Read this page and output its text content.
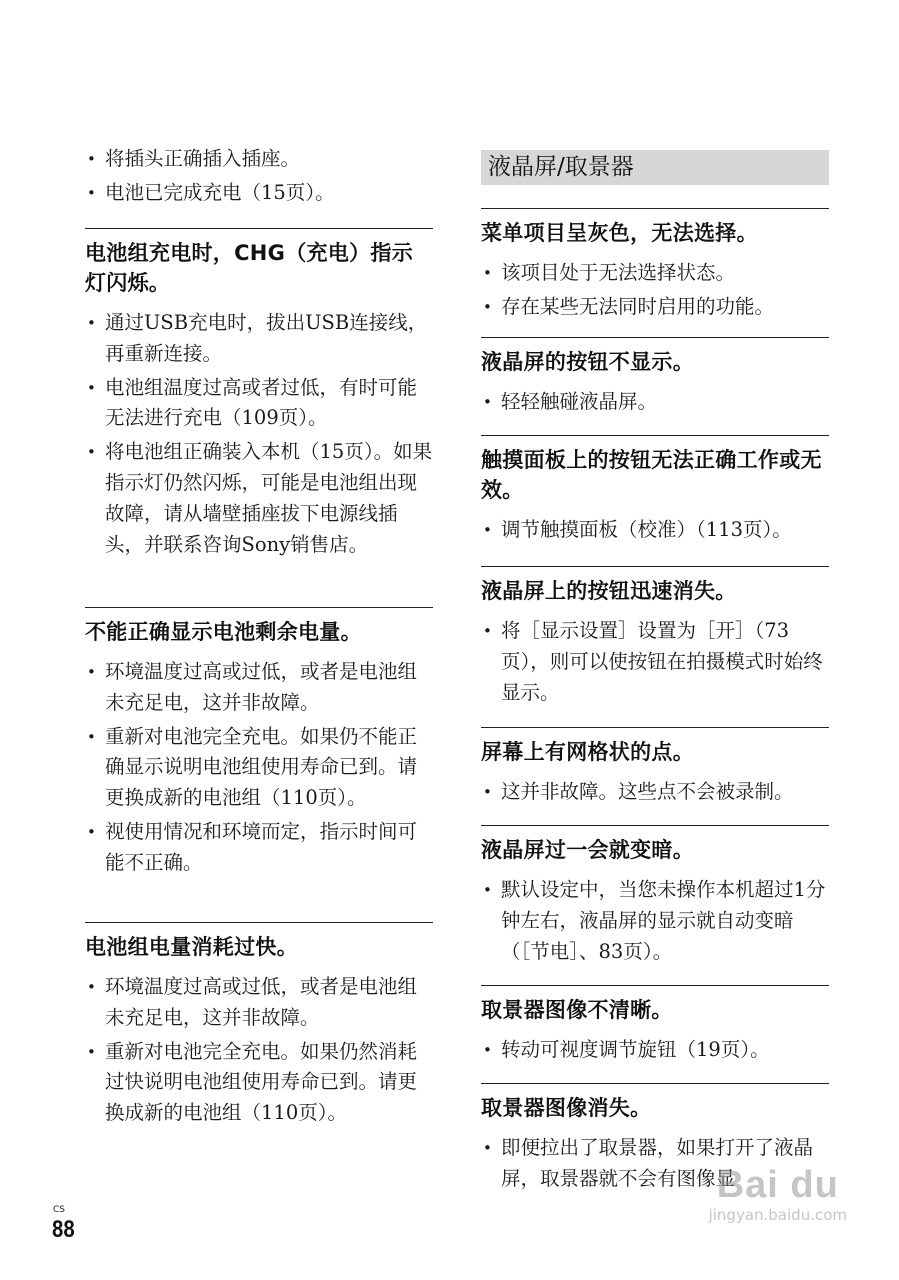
• 将插头正确插入插座。
• 电池已完成充电（15页）。
电池组充电时，CHG（充电）指示灯闪烁。
• 通过USB充电时，拔出USB连接线，再重新连接。
• 电池组温度过高或者过低，有时可能无法进行充电（109页）。
• 将电池组正确装入本机（15页）。如果指示灯仍然闪烁，可能是电池组出现故障，请从墙壁插座拔下电源线插头，并联系咨询Sony销售店。
不能正确显示电池剩余电量。
• 环境温度过高或过低，或者是电池组未充足电，这并非故障。
• 重新对电池完全充电。如果仍不能正确显示说明电池组使用寿命已到。请更换成新的电池组（110页）。
• 视使用情况和环境而定，指示时间可能不正确。
电池组电量消耗过快。
• 环境温度过高或过低，或者是电池组未充足电，这并非故障。
• 重新对电池完全充电。如果仍然消耗过快说明电池组使用寿命已到。请更换成新的电池组（110页）。
液晶屏/取景器
菜单项目呈灰色，无法选择。
• 该项目处于无法选择状态。
• 存在某些无法同时启用的功能。
液晶屏的按钮不显示。
• 轻轻触碰液晶屏。
触摸面板上的按钮无法正确工作或无效。
• 调节触摸面板（校准）（113页）。
液晶屏上的按钮迅速消失。
• 将［显示设置］设置为［开］（73页），则可以使按钮在拍摄模式时始终显示。
屏幕上有网格状的点。
• 这并非故障。这些点不会被录制。
液晶屏过一会就变暗。
• 默认设定中，当您未操作本机超过1分钟左右，液晶屏的显示就自动变暗（［节电］、83页）。
取景器图像不清晰。
• 转动可视度调节旋钮（19页）。
取景器图像消失。
• 即便拉出了取景器，如果打开了液晶屏，取景器就不会有图像显
CS
88
Bai du
jingyan.baidu.com
